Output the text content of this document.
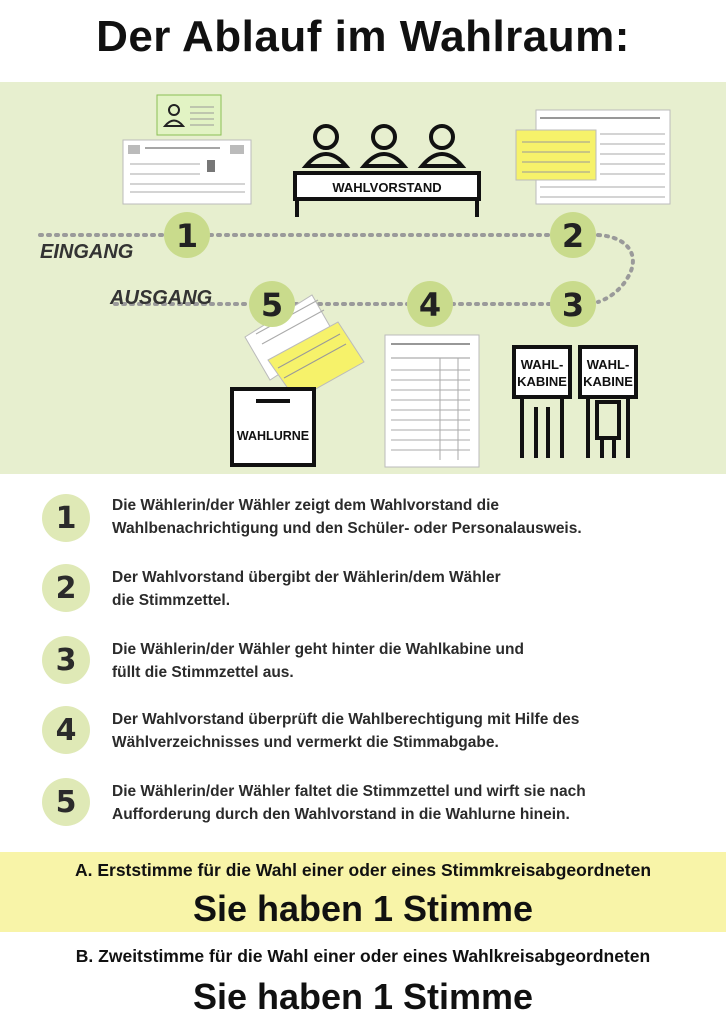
Der Ablauf im Wahlraum:
EINGANG
AUSGANG
WAHLVORSTAND
WAHL-
KABINE
WAHL-
KABINE
WAHLURNE
1	2
3
4
5
1	Die Wählerin/der Wähler zeigt dem Wahlvorstand die
Wahlbenachrichtigung und den Schüler- oder Personalausweis.
2	Der Wahlvorstand übergibt der Wählerin/dem Wähler
die Stimmzettel.
3	Die Wählerin/der Wähler geht hinter die Wahlkabine und
füllt die Stimmzettel aus.
4	Der Wahlvorstand überprüft die Wahlberechtigung mit Hilfe des
Wählverzeichnisses und vermerkt die Stimmabgabe.
5	Die Wählerin/der Wähler faltet die Stimmzettel und wirft sie nach
Aufforderung durch den Wahlvorstand in die Wahlurne hinein.
A. Erststimme für die Wahl einer oder eines Stimmkreisabgeordneten
Sie haben 1 Stimme
B. Zweitstimme für die Wahl einer oder eines Wahlkreisabgeordneten
Sie haben 1 Stimme
